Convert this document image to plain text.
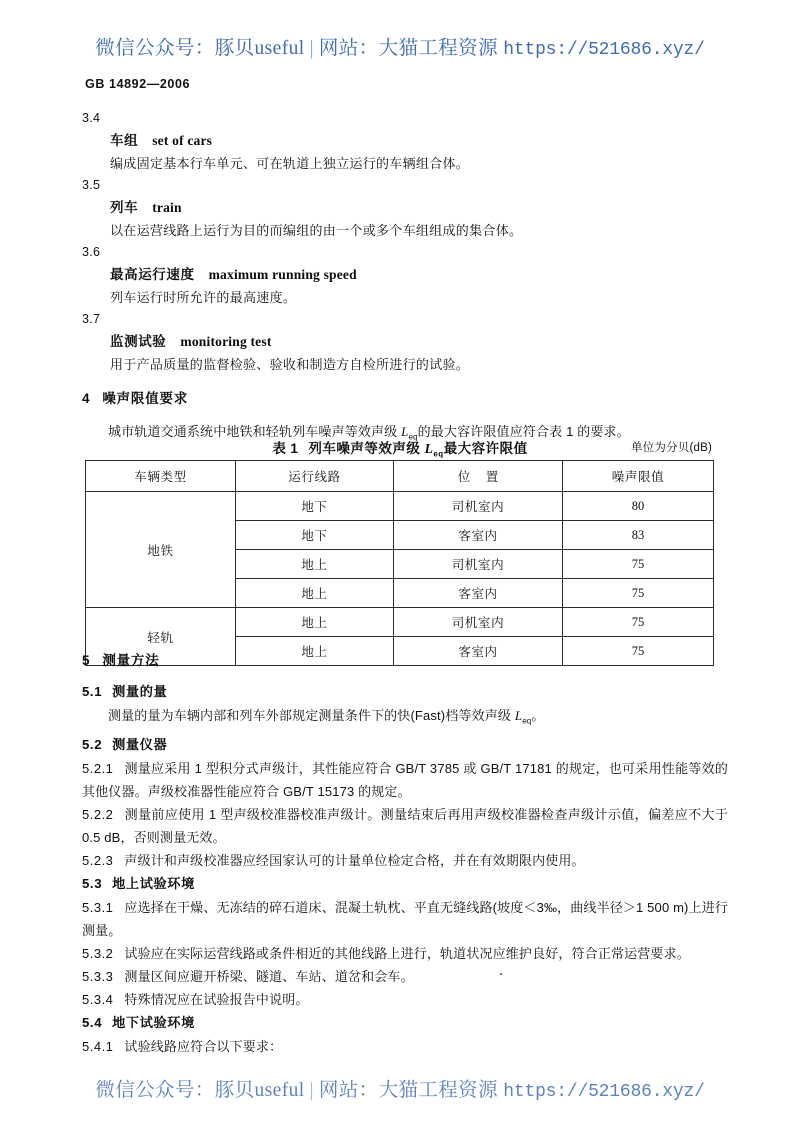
微信公众号：豚贝useful | 网站：大猫工程资源 https://521686.xyz/
GB 14892—2006
3.4
车组 set of cars
编成固定基本行车单元、可在轨道上独立运行的车辆组合体。
3.5
列车 train
以在运营线路上运行为目的而编组的由一个或多个车组组成的集合体。
3.6
最高运行速度 maximum running speed
列车运行时所允许的最高速度。
3.7
监测试验 monitoring test
用于产品质量的监督检验、验收和制造方自检所进行的试验。
4 噪声限值要求
城市轨道交通系统中地铁和轻轨列车噪声等效声级 $L_{eq}$的最大容许限值应符合表 1 的要求。
表 1 列车噪声等效声级 $L_{eq}$最大容许限值	单位为分贝(dB)
车辆类型	运行线路	位 置	噪声限值
地铁	地下	司机室内	80
	地下	客室内	83
	地上	司机室内	75
	地上	客室内	75
轻轨	地上	司机室内	75
	地上	客室内	75
5 测量方法
5.1 测量的量
测量的量为车辆内部和列车外部规定测量条件下的快(Fast)档等效声级 $L_{eq}$。
5.2 测量仪器
5.2.1 测量应采用 1 型积分式声级计，其性能应符合 GB/T 3785 或 GB/T 17181 的规定，也可采用性能等效的其他仪器。声级校准器性能应符合 GB/T 15173 的规定。
5.2.2 测量前应使用 1 型声级校准器校准声级计。测量结束后再用声级校准器检查声级计示值，偏差应不大于 0.5 dB，否则测量无效。
5.2.3 声级计和声级校准器应经国家认可的计量单位检定合格，并在有效期限内使用。
5.3 地上试验环境
5.3.1 应选择在干燥、无冻结的碎石道床、混凝土轨枕、平直无缝线路(坡度＜3‰，曲线半径＞1 500 m)上进行测量。
5.3.2 试验应在实际运营线路或条件相近的其他线路上进行，轨道状况应维护良好，符合正常运营要求。
5.3.3 测量区间应避开桥梁、隧道、车站、道岔和会车。
5.3.4 特殊情况应在试验报告中说明。
5.4 地下试验环境
5.4.1 试验线路应符合以下要求：
微信公众号：豚贝useful | 网站：大猫工程资源 https://521686.xyz/
